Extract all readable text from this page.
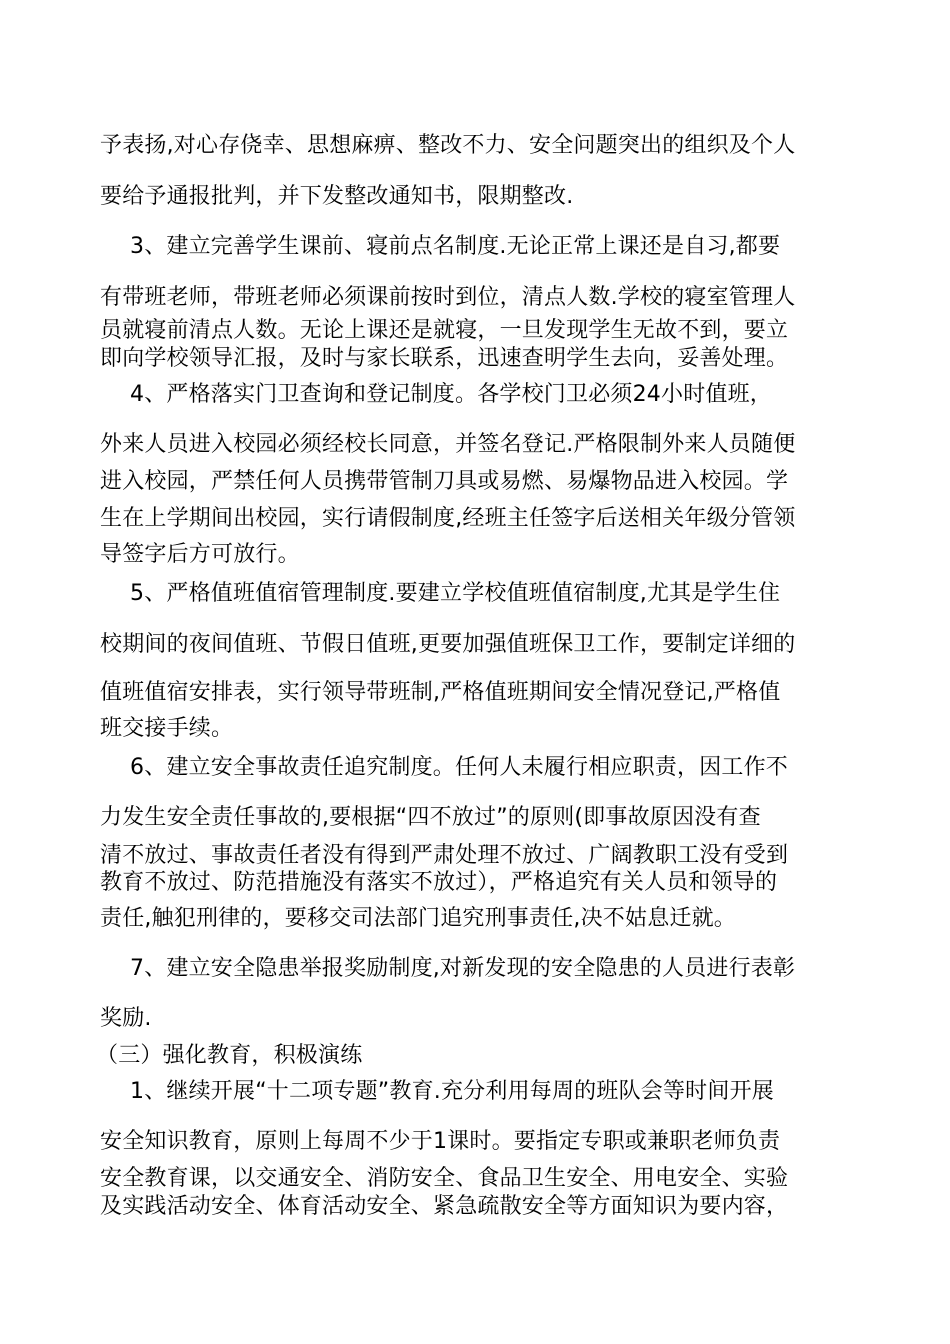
予表扬,对心存侥幸、思想麻痹、整改不力、安全问题突出的组织及个人
要给予通报批判，并下发整改通知书，限期整改.
3、建立完善学生课前、寝前点名制度.无论正常上课还是自习,都要
有带班老师，带班老师必须课前按时到位，清点人数.学校的寝室管理人
员就寝前清点人数。无论上课还是就寝，一旦发现学生无故不到，要立
即向学校领导汇报，及时与家长联系，迅速查明学生去向，妥善处理。
4、严格落实门卫查询和登记制度。各学校门卫必须24小时值班，
外来人员进入校园必须经校长同意，并签名登记.严格限制外来人员随便
进入校园，严禁任何人员携带管制刀具或易燃、易爆物品进入校园。学
生在上学期间出校园，实行请假制度,经班主任签字后送相关年级分管领
导签字后方可放行。
5、严格值班值宿管理制度.要建立学校值班值宿制度,尤其是学生住
校期间的夜间值班、节假日值班,更要加强值班保卫工作，要制定详细的
值班值宿安排表，实行领导带班制,严格值班期间安全情况登记,严格值
班交接手续。
6、建立安全事故责任追究制度。任何人未履行相应职责，因工作不
力发生安全责任事故的,要根据“四不放过”的原则(即事故原因没有查
清不放过、事故责任者没有得到严肃处理不放过、广阔教职工没有受到
教育不放过、防范措施没有落实不放过），严格追究有关人员和领导的
责任,触犯刑律的，要移交司法部门追究刑事责任,决不姑息迁就。
7、建立安全隐患举报奖励制度,对新发现的安全隐患的人员进行表彰
奖励.
（三）强化教育，积极演练
1、继续开展“十二项专题”教育.充分利用每周的班队会等时间开展
安全知识教育，原则上每周不少于1课时。要指定专职或兼职老师负责
安全教育课，以交通安全、消防安全、食品卫生安全、用电安全、实验
及实践活动安全、体育活动安全、紧急疏散安全等方面知识为要内容，
